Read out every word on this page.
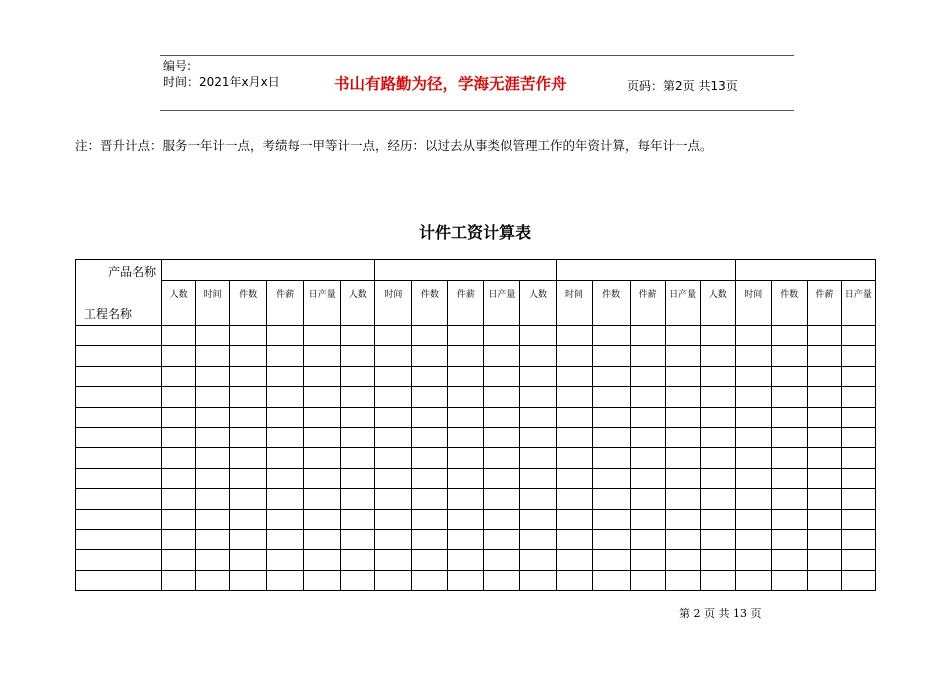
编号:
时间：2021年x月x日	书山有路勤为径，学海无涯苦作舟	页码：第2页 共13页
注：晋升计点：服务一年计一点，考绩每一甲等计一点，经历：以过去从事类似管理工作的年资计算，每年计一点。
计件工资计算表
产品名称
工程名称																				

	人数	时间	件数	件薪	日产量	人数	时间	件数	件薪	日产量	人数	时间	件数	件薪	日产量	人数	时间	件数	件薪	日产量

第 2 页 共 13 页
